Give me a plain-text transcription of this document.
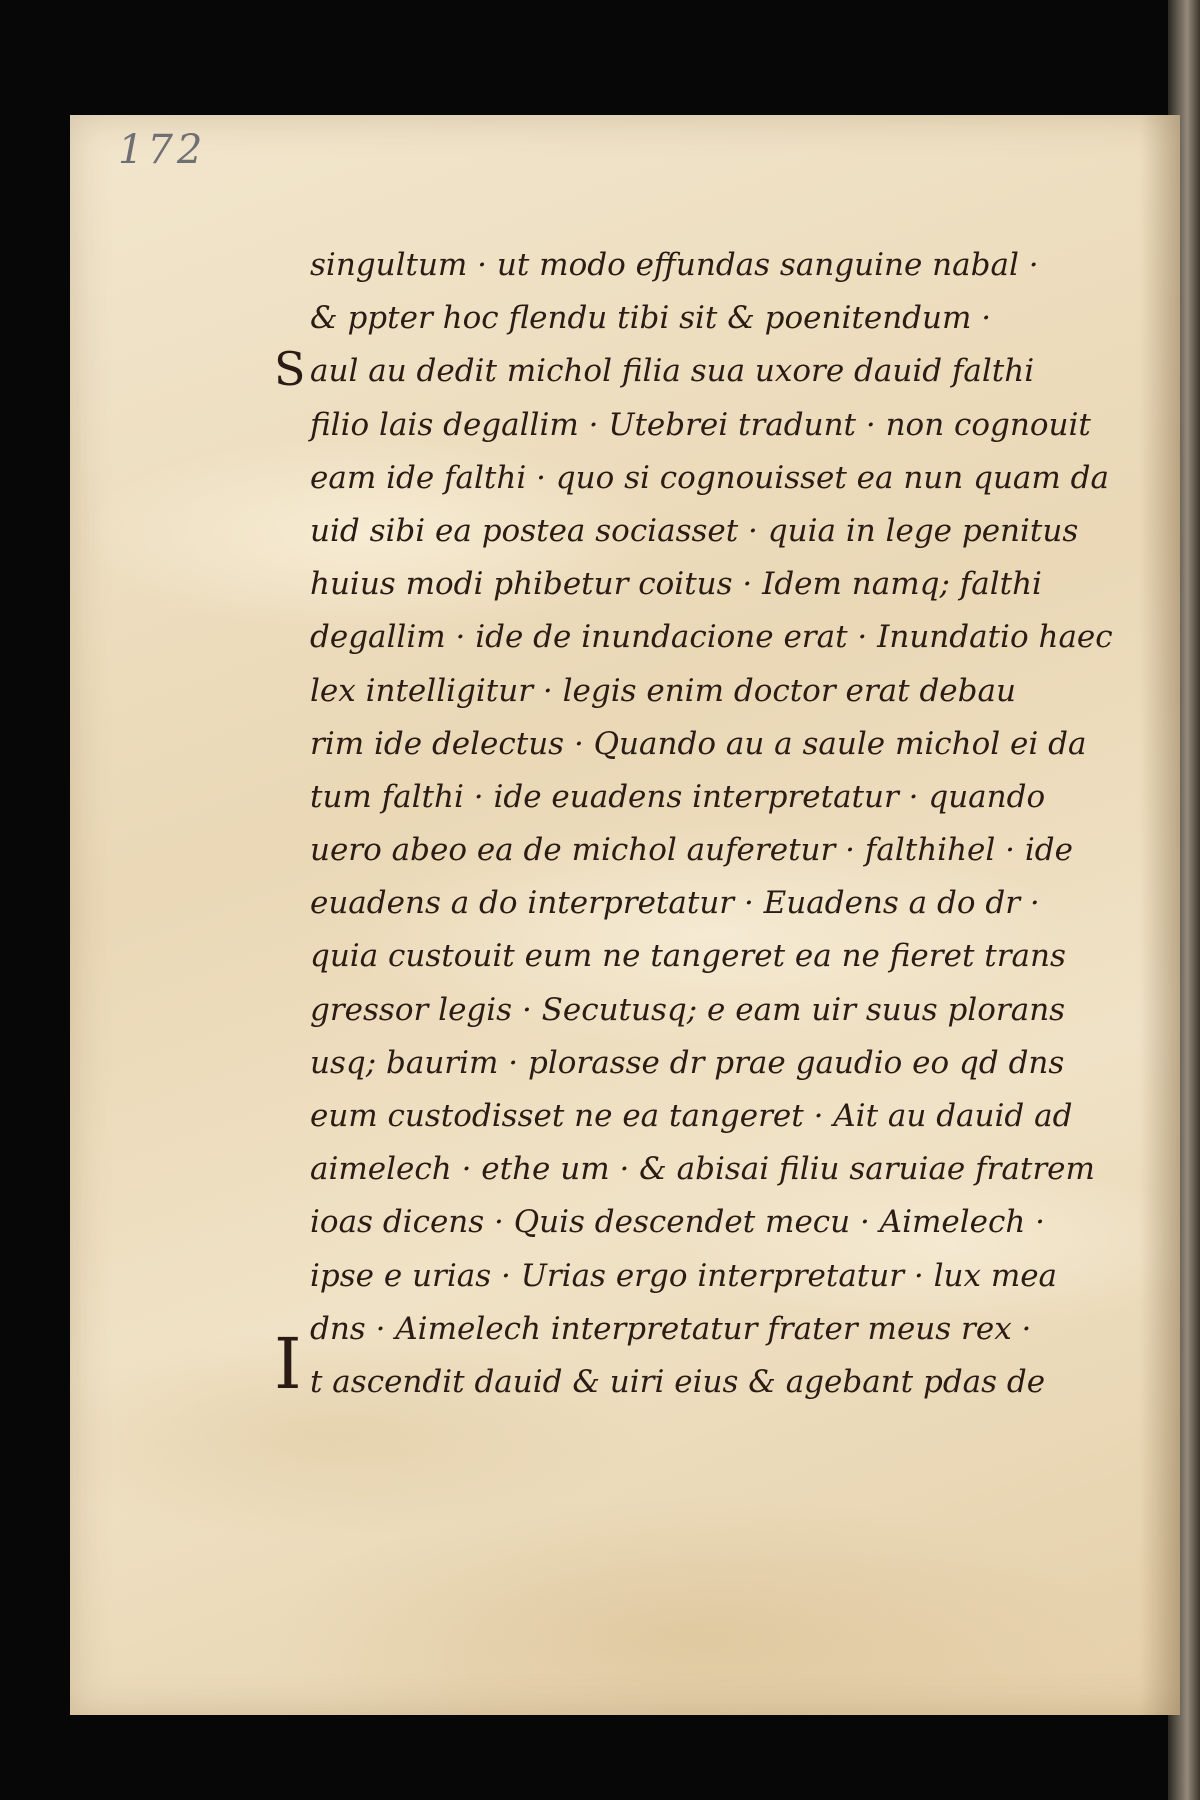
172
singultum · ut modo effundas sanguine nabal ·
& ppter hoc flendu tibi sit & poenitendum ·
S aul au dedit michol filia sua uxore dauid falthi
filio lais degallim · Utebrei tradunt · non cognouit
eam ide falthi · quo si cognouisset ea nun quam da
uid sibi ea postea sociasset · quia in lege penitus
huius modi phibetur coitus · Idem namq; falthi
degallim · ide de inundacione erat · Inundatio haec
lex intelligitur · legis enim doctor erat debau
rim ide delectus · Quando au a saule michol ei da
tum falthi · ide euadens interpretatur · quando
uero abeo ea de michol auferetur · falthihel · ide
euadens a do interpretatur · Euadens a do dr ·
quia custouit eum ne tangeret ea ne fieret trans
gressor legis · Secutusq; e eam uir suus plorans
usq; baurim · plorasse dr prae gaudio eo qd dns
eum custodisset ne ea tangeret · Ait au dauid ad
aimelech · ethe um · & abisai filiu saruiae fratrem
ioas dicens · Quis descendet mecu · Aimelech ·
ipse e urias · Urias ergo interpretatur · lux mea
dns · Aimelech interpretatur frater meus rex ·
I t ascendit dauid & uiri eius & agebant pdas de
